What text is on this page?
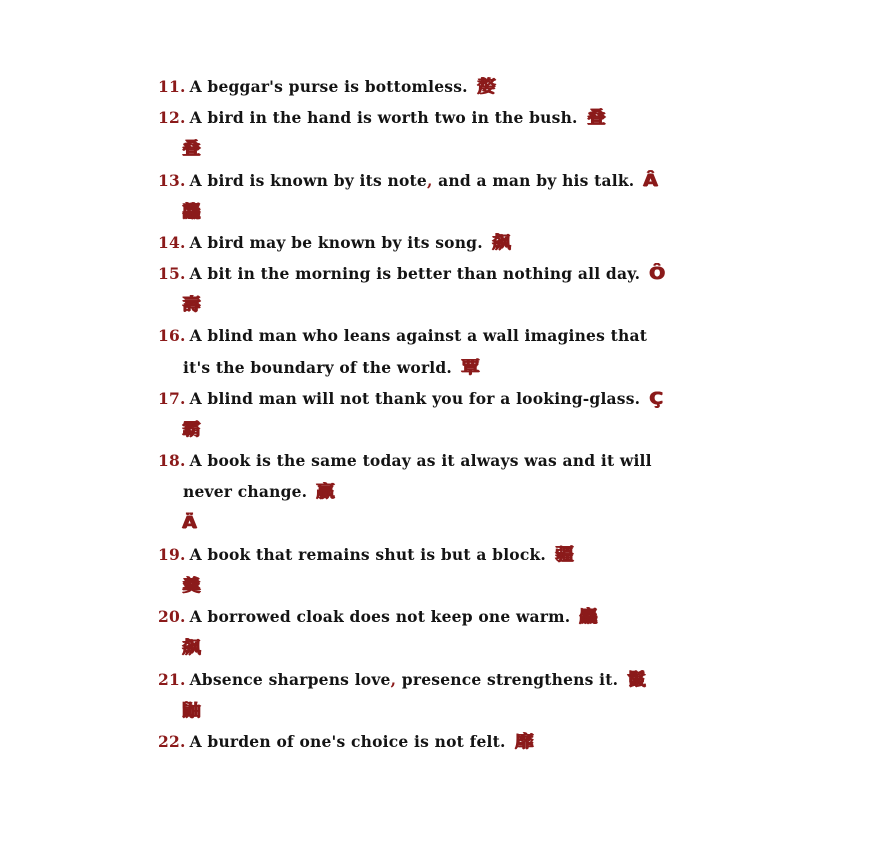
11. A beggar's purse is bottomless. 嫠
12. A bird in the hand is worth two in the bush. 叠
叠
13. A bird is known by its note, and a man by his talk. Â
龘
14. A bird may be known by its song. 飙
15. A bit in the morning is better than nothing all day. Ô
壽
16. A blind man who leans against a wall imagines that
it's the boundary of the world. 覃
17. A blind man will not thank you for a looking-glass. Ç
霸
18. A book is the same today as it always was and it will
never change. 贏
Ä
19. A book that remains shut is but a block. 疆
羹
20. A borrowed cloak does not keep one warm. 麤
飙
21. Absence sharpens love, presence strengthens it. 鬣
鼬
22. A burden of one's choice is not felt. 靡
